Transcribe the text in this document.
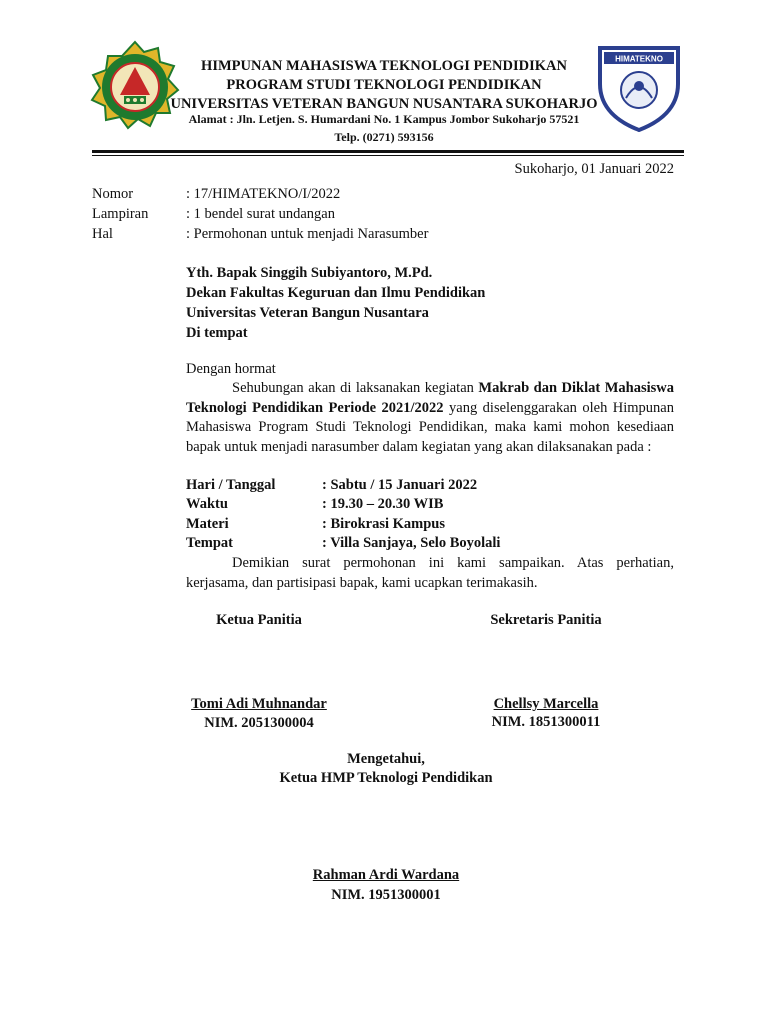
HIMATEKNO
HIMPUNAN MAHASISWA TEKNOLOGI PENDIDIKAN
PROGRAM STUDI TEKNOLOGI PENDIDIKAN
UNIVERSITAS VETERAN BANGUN NUSANTARA SUKOHARJO
Alamat : Jln. Letjen. S. Humardani No. 1 Kampus Jombor Sukoharjo 57521
Telp. (0271) 593156
Sukoharjo, 01 Januari 2022
Nomor	: 17/HIMATEKNO/I/2022
Lampiran	: 1 bendel surat undangan
Hal	: Permohonan untuk menjadi Narasumber
Yth. Bapak Singgih Subiyantoro, M.Pd.
Dekan Fakultas Keguruan dan Ilmu Pendidikan
Universitas Veteran Bangun Nusantara
Di tempat
Dengan hormat
Sehubungan akan di laksanakan kegiatan Makrab dan Diklat Mahasiswa Teknologi Pendidikan Periode 2021/2022 yang diselenggarakan oleh Himpunan Mahasiswa Program Studi Teknologi Pendidikan, maka kami mohon kesediaan bapak untuk menjadi narasumber dalam kegiatan yang akan dilaksanakan pada :
Hari / Tanggal	: Sabtu / 15 Januari 2022
Waktu	: 19.30 – 20.30 WIB
Materi	: Birokrasi Kampus
Tempat	: Villa Sanjaya, Selo Boyolali
Demikian surat permohonan ini kami sampaikan. Atas perhatian, kerjasama, dan partisipasi bapak, kami ucapkan terimakasih.
Ketua Panitia	Sekretaris Panitia
Tomi Adi Muhnandar
NIM. 2051300004
Chellsy Marcella
NIM. 1851300011
Mengetahui,
Ketua HMP Teknologi Pendidikan
Rahman Ardi Wardana
NIM. 1951300001
